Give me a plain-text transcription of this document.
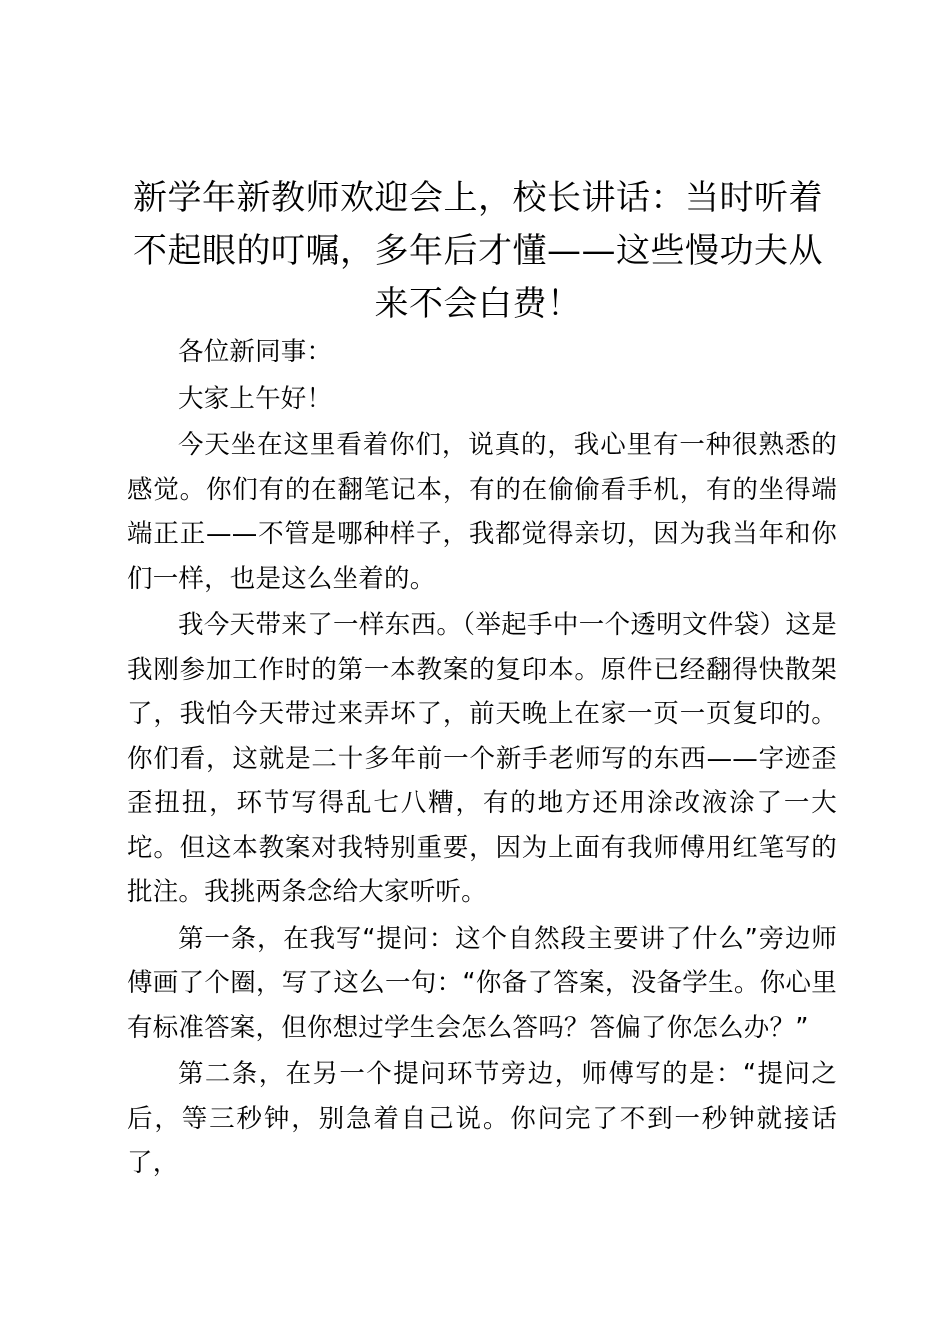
新学年新教师欢迎会上，校长讲话：当时听着不起眼的叮嘱，多年后才懂——这些慢功夫从来不会白费！

各位新同事：

大家上午好！

今天坐在这里看着你们，说真的，我心里有一种很熟悉的感觉。你们有的在翻笔记本，有的在偷偷看手机，有的坐得端端正正——不管是哪种样子，我都觉得亲切，因为我当年和你们一样，也是这么坐着的。

我今天带来了一样东西。（举起手中一个透明文件袋）这是我刚参加工作时的第一本教案的复印本。原件已经翻得快散架了，我怕今天带过来弄坏了，前天晚上在家一页一页复印的。你们看，这就是二十多年前一个新手老师写的东西——字迹歪歪扭扭，环节写得乱七八糟，有的地方还用涂改液涂了一大坨。但这本教案对我特别重要，因为上面有我师傅用红笔写的批注。我挑两条念给大家听听。

第一条，在我写“提问：这个自然段主要讲了什么”旁边师傅画了个圈，写了这么一句：“你备了答案，没备学生。你心里有标准答案，但你想过学生会怎么答吗？答偏了你怎么办？”

第二条，在另一个提问环节旁边，师傅写的是：“提问之后，等三秒钟，别急着自己说。你问完了不到一秒钟就接话了，
